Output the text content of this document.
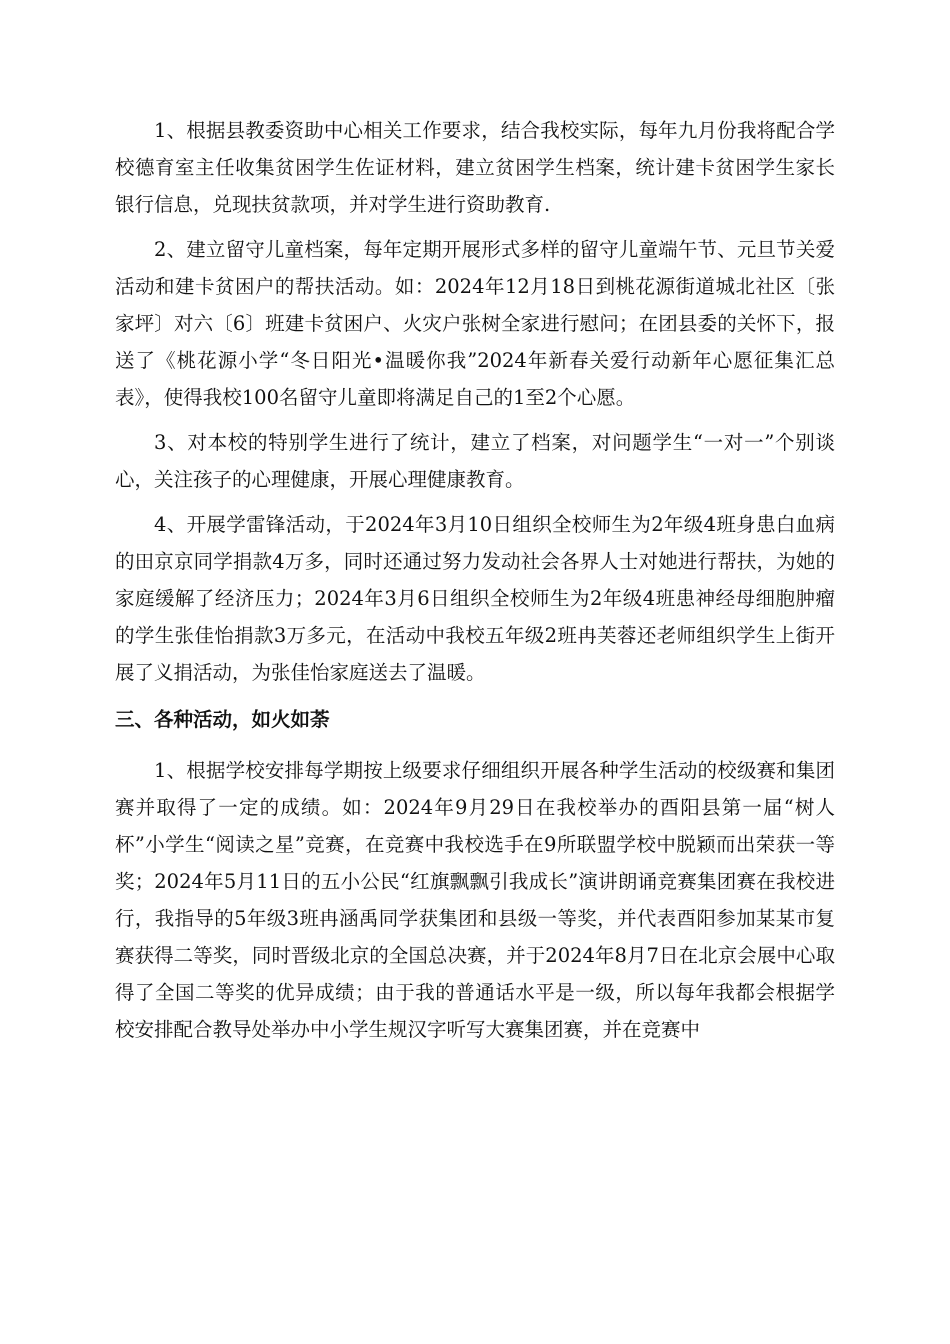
1、根据县教委资助中心相关工作要求，结合我校实际，每年九月份我将配合学校德育室主任收集贫困学生佐证材料，建立贫困学生档案，统计建卡贫困学生家长银行信息，兑现扶贫款项，并对学生进行资助教育.

2、建立留守儿童档案，每年定期开展形式多样的留守儿童端午节、元旦节关爱活动和建卡贫困户的帮扶活动。如：2024年12月18日到桃花源街道城北社区〔张家坪〕对六〔6〕班建卡贫困户、火灾户张树全家进行慰问；在团县委的关怀下，报送了《桃花源小学“冬日阳光•温暖你我”2024年新春关爱行动新年心愿征集汇总表》，使得我校100名留守儿童即将满足自己的1至2个心愿。

3、对本校的特别学生进行了统计，建立了档案，对问题学生“一对一”个别谈心，关注孩子的心理健康，开展心理健康教育。

4、开展学雷锋活动，于2024年3月10日组织全校师生为2年级4班身患白血病的田京京同学捐款4万多，同时还通过努力发动社会各界人士对她进行帮扶，为她的家庭缓解了经济压力；2024年3月6日组织全校师生为2年级4班患神经母细胞肿瘤的学生张佳怡捐款3万多元，在活动中我校五年级2班冉芙蓉还老师组织学生上街开展了义捐活动，为张佳怡家庭送去了温暖。

三、各种活动，如火如荼

1、根据学校安排每学期按上级要求仔细组织开展各种学生活动的校级赛和集团赛并取得了一定的成绩。如：2024年9月29日在我校举办的酉阳县第一届“树人杯”小学生“阅读之星”竞赛，在竞赛中我校选手在9所联盟学校中脱颖而出荣获一等奖；2024年5月11日的五小公民“红旗飘飘引我成长”演讲朗诵竞赛集团赛在我校进行，我指导的5年级3班冉涵禹同学获集团和县级一等奖，并代表酉阳参加某某市复赛获得二等奖，同时晋级北京的全国总决赛，并于2024年8月7日在北京会展中心取得了全国二等奖的优异成绩；由于我的普通话水平是一级，所以每年我都会根据学校安排配合教导处举办中小学生规汉字听写大赛集团赛，并在竞赛中
